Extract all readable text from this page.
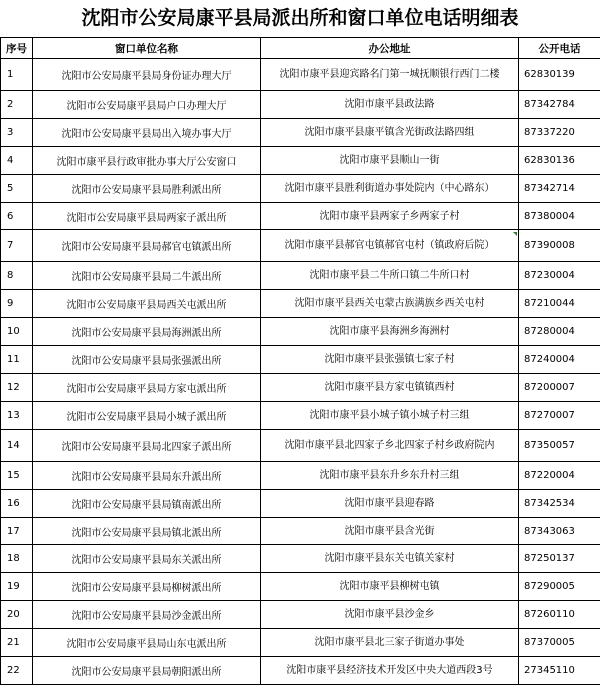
沈阳市公安局康平县局派出所和窗口单位电话明细表
序号	窗口单位名称	办公地址	公开电话
1	沈阳市公安局康平县局身份证办理大厅	沈阳市康平县迎宾路名门第一城抚顺银行西门二楼	62830139
2	沈阳市公安局康平县局户口办理大厅	沈阳市康平县政法路	87342784
3	沈阳市公安局康平县局出入境办事大厅	沈阳市康平县康平镇含光街政法路四组	87337220
4	沈阳市康平县行政审批办事大厅公安窗口	沈阳市康平县顺山一街	62830136
5	沈阳市公安局康平县局胜利派出所	沈阳市康平县胜利街道办事处院内（中心路东）	87342714
6	沈阳市公安局康平县局两家子派出所	沈阳市康平县两家子乡两家子村	87380004
7	沈阳市公安局康平县局郝官屯镇派出所	沈阳市康平县郝官屯镇郝官屯村（镇政府后院）	87390008
8	沈阳市公安局康平县局二牛派出所	沈阳市康平县二牛所口镇二牛所口村	87230004
9	沈阳市公安局康平县局西关屯派出所	沈阳市康平县西关屯蒙古族满族乡西关屯村	87210044
10	沈阳市公安局康平县局海洲派出所	沈阳市康平县海洲乡海洲村	87280004
11	沈阳市公安局康平县局张强派出所	沈阳市康平县张强镇七家子村	87240004
12	沈阳市公安局康平县局方家屯派出所	沈阳市康平县方家屯镇镇西村	87200007
13	沈阳市公安局康平县局小城子派出所	沈阳市康平县小城子镇小城子村三组	87270007
14	沈阳市公安局康平县局北四家子派出所	沈阳市康平县北四家子乡北四家子村乡政府院内	87350057
15	沈阳市公安局康平县局东升派出所	沈阳市康平县东升乡东升村三组	87220004
16	沈阳市公安局康平县局镇南派出所	沈阳市康平县迎春路	87342534
17	沈阳市公安局康平县局镇北派出所	沈阳市康平县含光街	87343063
18	沈阳市公安局康平县局东关派出所	沈阳市康平县东关屯镇关家村	87250137
19	沈阳市公安局康平县局柳树派出所	沈阳市康平县柳树屯镇	87290005
20	沈阳市公安局康平县局沙金派出所	沈阳市康平县沙金乡	87260110
21	沈阳市公安局康平县局山东屯派出所	沈阳市康平县北三家子街道办事处	87370005
22	沈阳市公安局康平县局朝阳派出所	沈阳市康平县经济技术开发区中央大道西段3号	27345110
